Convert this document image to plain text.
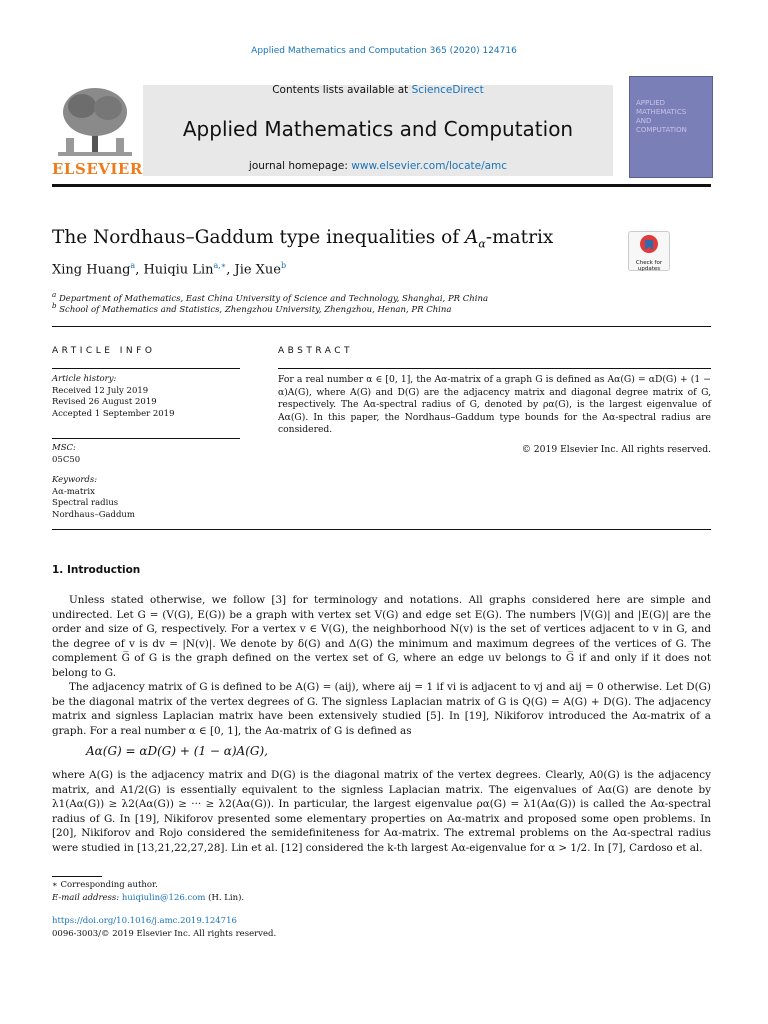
Applied Mathematics and Computation 365 (2020) 124716
ELSEVIER
Contents lists available at ScienceDirect
Applied Mathematics and Computation
journal homepage: www.elsevier.com/locate/amc
APPLIED
MATHEMATICS
AND
COMPUTATION
The Nordhaus–Gaddum type inequalities of $A_\alpha$-matrix
Check for updates
Xing Huang$^a$, Huiqiu Lin$^{a,∗}$, Jie Xue$^b$
$^a$ Department of Mathematics, East China University of Science and Technology, Shanghai, PR China
$^b$ School of Mathematics and Statistics, Zhengzhou University, Zhengzhou, Henan, PR China
ARTICLE INFO
Article history:
Received 12 July 2019
Revised 26 August 2019
Accepted 1 September 2019
MSC:
05C50
Keywords:
Aα-matrix
Spectral radius
Nordhaus–Gaddum
ABSTRACT
For a real number α ∈ [0, 1], the Aα-matrix of a graph G is defined as Aα(G) = αD(G) + (1 − α)A(G), where A(G) and D(G) are the adjacency matrix and diagonal degree matrix of G, respectively. The Aα-spectral radius of G, denoted by ρα(G), is the largest eigenvalue of Aα(G). In this paper, the Nordhaus–Gaddum type bounds for the Aα-spectral radius are considered.
© 2019 Elsevier Inc. All rights reserved.
1. Introduction
Unless stated otherwise, we follow [3] for terminology and notations. All graphs considered here are simple and undirected. Let G = (V(G), E(G)) be a graph with vertex set V(G) and edge set E(G). The numbers |V(G)| and |E(G)| are the order and size of G, respectively. For a vertex v ∈ V(G), the neighborhood N(v) is the set of vertices adjacent to v in G, and the degree of v is dv = |N(v)|. We denote by δ(G) and Δ(G) the minimum and maximum degrees of the vertices of G. The complement G̅ of G is the graph defined on the vertex set of G, where an edge uv belongs to G̅ if and only if it does not belong to G.
The adjacency matrix of G is defined to be A(G) = (aij), where aij = 1 if vi is adjacent to vj and aij = 0 otherwise. Let D(G) be the diagonal matrix of the vertex degrees of G. The signless Laplacian matrix of G is Q(G) = A(G) + D(G). The adjacency matrix and signless Laplacian matrix have been extensively studied [5]. In [19], Nikiforov introduced the Aα-matrix of a graph. For a real number α ∈ [0, 1], the Aα-matrix of G is defined as
Aα(G) = αD(G) + (1 − α)A(G),
where A(G) is the adjacency matrix and D(G) is the diagonal matrix of the vertex degrees. Clearly, A0(G) is the adjacency matrix, and A1/2(G) is essentially equivalent to the signless Laplacian matrix. The eigenvalues of Aα(G) are denote by λ1(Aα(G)) ≥ λ2(Aα(G)) ≥ ··· ≥ λ2(Aα(G)). In particular, the largest eigenvalue ρα(G) = λ1(Aα(G)) is called the Aα-spectral radius of G. In [19], Nikiforov presented some elementary properties on Aα-matrix and proposed some open problems. In [20], Nikiforov and Rojo considered the semidefiniteness for Aα-matrix. The extremal problems on the Aα-spectral radius were studied in [13,21,22,27,28]. Lin et al. [12] considered the k-th largest Aα-eigenvalue for α > 1/2. In [7], Cardoso et al.
∗ Corresponding author.
E-mail address: huiqiulin@126.com (H. Lin).
https://doi.org/10.1016/j.amc.2019.124716
0096-3003/© 2019 Elsevier Inc. All rights reserved.
